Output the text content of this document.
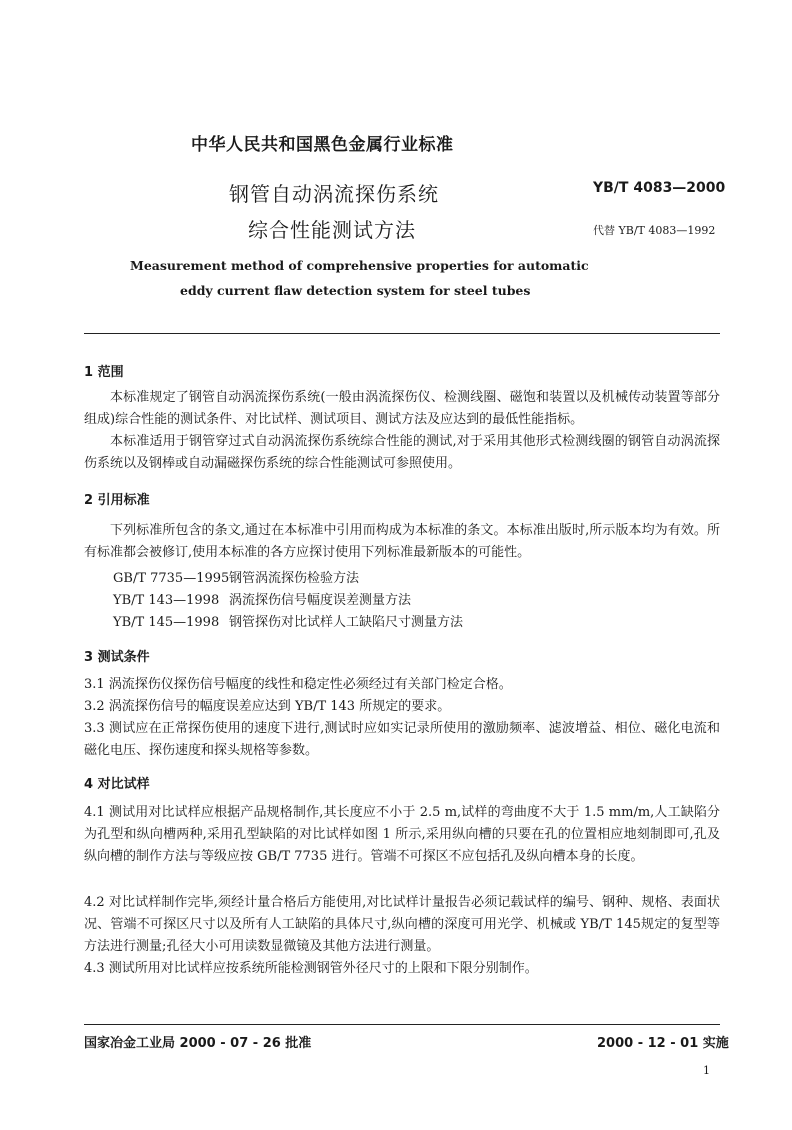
中华人民共和国黑色金属行业标准
钢管自动涡流探伤系统
综合性能测试方法
YB/T 4083—2000
代替 YB/T 4083—1992
Measurement method of comprehensive properties for automatic
eddy current flaw detection system for steel tubes
1 范围
本标准规定了钢管自动涡流探伤系统(一般由涡流探伤仪、检测线圈、磁饱和装置以及机械传动装置等部分组成)综合性能的测试条件、对比试样、测试项目、测试方法及应达到的最低性能指标。
本标准适用于钢管穿过式自动涡流探伤系统综合性能的测试,对于采用其他形式检测线圈的钢管自动涡流探伤系统以及钢棒或自动漏磁探伤系统的综合性能测试可参照使用。
2 引用标准
下列标准所包含的条文,通过在本标准中引用而构成为本标准的条文。本标准出版时,所示版本均为有效。所有标准都会被修订,使用本标准的各方应探讨使用下列标准最新版本的可能性。
GB/T 7735—1995钢管涡流探伤检验方法
YB/T 143—1998 涡流探伤信号幅度误差测量方法
YB/T 145—1998 钢管探伤对比试样人工缺陷尺寸测量方法
3 测试条件
3.1 涡流探伤仪探伤信号幅度的线性和稳定性必须经过有关部门检定合格。
3.2 涡流探伤信号的幅度误差应达到 YB/T 143 所规定的要求。
3.3 测试应在正常探伤使用的速度下进行,测试时应如实记录所使用的激励频率、滤波增益、相位、磁化电流和磁化电压、探伤速度和探头规格等参数。
4 对比试样
4.1 测试用对比试样应根据产品规格制作,其长度应不小于 2.5 m,试样的弯曲度不大于 1.5 mm/m,人工缺陷分为孔型和纵向槽两种,采用孔型缺陷的对比试样如图 1 所示,采用纵向槽的只要在孔的位置相应地刻制即可,孔及纵向槽的制作方法与等级应按 GB/T 7735 进行。管端不可探区不应包括孔及纵向槽本身的长度。
4.2 对比试样制作完毕,须经计量合格后方能使用,对比试样计量报告必须记载试样的编号、钢种、规格、表面状况、管端不可探区尺寸以及所有人工缺陷的具体尺寸,纵向槽的深度可用光学、机械或 YB/T 145规定的复型等方法进行测量;孔径大小可用读数显微镜及其他方法进行测量。
4.3 测试所用对比试样应按系统所能检测钢管外径尺寸的上限和下限分别制作。
国家冶金工业局 2000 - 07 - 26 批准	2000 - 12 - 01 实施
1
